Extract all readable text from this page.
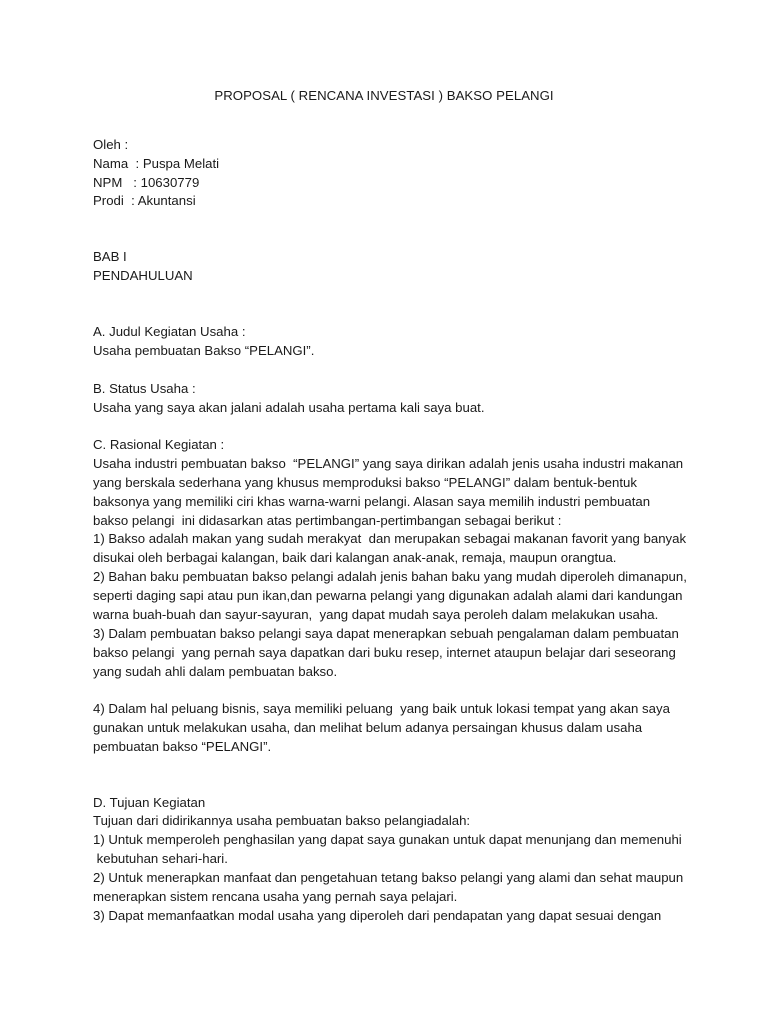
PROPOSAL ( RENCANA INVESTASI ) BAKSO PELANGI
Oleh :
Nama  : Puspa Melati
NPM   : 10630779
Prodi  : Akuntansi
BAB I
PENDAHULUAN
A. Judul Kegiatan Usaha :
Usaha pembuatan Bakso “PELANGI”.
B. Status Usaha :
Usaha yang saya akan jalani adalah usaha pertama kali saya buat.
C. Rasional Kegiatan :
Usaha industri pembuatan bakso  “PELANGI” yang saya dirikan adalah jenis usaha industri makanan
yang berskala sederhana yang khusus memproduksi bakso “PELANGI” dalam bentuk-bentuk
baksonya yang memiliki ciri khas warna-warni pelangi. Alasan saya memilih industri pembuatan
bakso pelangi  ini didasarkan atas pertimbangan-pertimbangan sebagai berikut :
1) Bakso adalah makan yang sudah merakyat  dan merupakan sebagai makanan favorit yang banyak
disukai oleh berbagai kalangan, baik dari kalangan anak-anak, remaja, maupun orangtua.
2) Bahan baku pembuatan bakso pelangi adalah jenis bahan baku yang mudah diperoleh dimanapun,
seperti daging sapi atau pun ikan,dan pewarna pelangi yang digunakan adalah alami dari kandungan
warna buah-buah dan sayur-sayuran,  yang dapat mudah saya peroleh dalam melakukan usaha.
3) Dalam pembuatan bakso pelangi saya dapat menerapkan sebuah pengalaman dalam pembuatan
bakso pelangi  yang pernah saya dapatkan dari buku resep, internet ataupun belajar dari seseorang
yang sudah ahli dalam pembuatan bakso.
4) Dalam hal peluang bisnis, saya memiliki peluang  yang baik untuk lokasi tempat yang akan saya
gunakan untuk melakukan usaha, dan melihat belum adanya persaingan khusus dalam usaha
pembuatan bakso “PELANGI”.
D. Tujuan Kegiatan
Tujuan dari didirikannya usaha pembuatan bakso pelangiadalah:
1) Untuk memperoleh penghasilan yang dapat saya gunakan untuk dapat menunjang dan memenuhi
kebutuhan sehari-hari.
2) Untuk menerapkan manfaat dan pengetahuan tetang bakso pelangi yang alami dan sehat maupun
menerapkan sistem rencana usaha yang pernah saya pelajari.
3) Dapat memanfaatkan modal usaha yang diperoleh dari pendapatan yang dapat sesuai dengan
